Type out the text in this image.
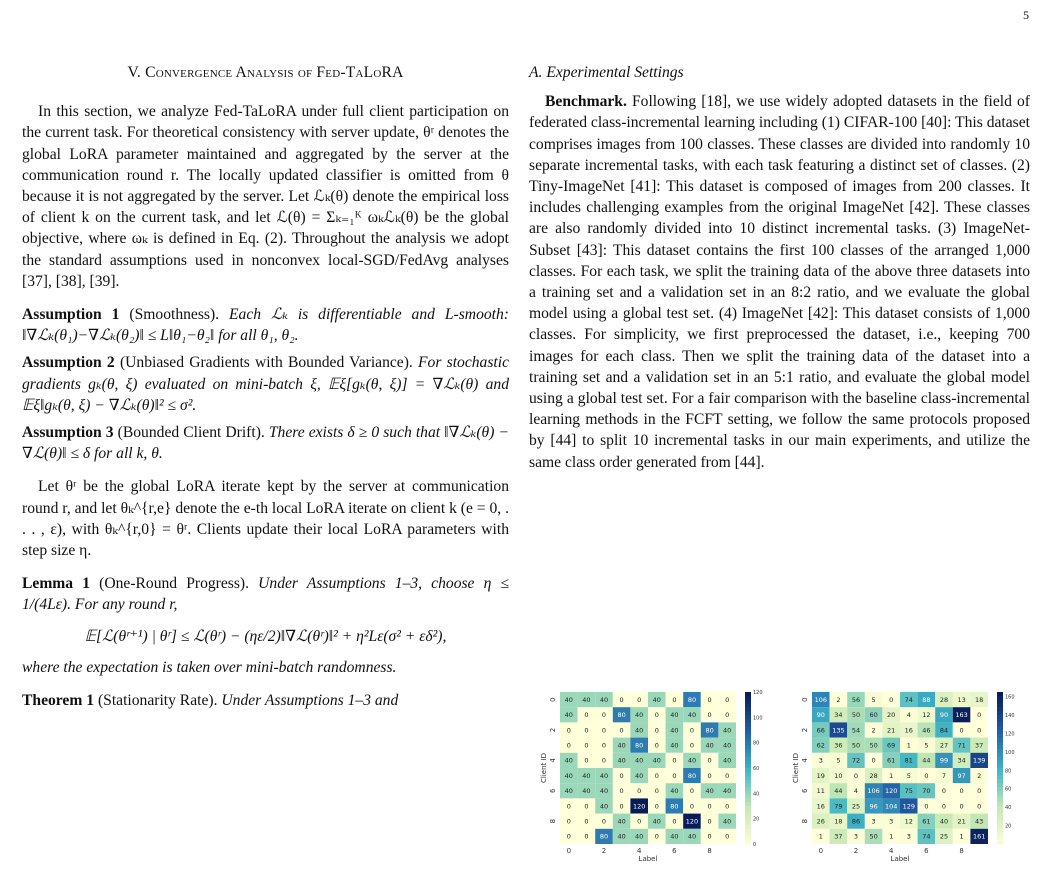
5
V. Convergence Analysis of Fed-TaLoRA

In this section, we analyze Fed-TaLoRA under full client participation on the current task. For theoretical consistency with server update, θʳ denotes the global LoRA parameter maintained and aggregated by the server at the communication round r. The locally updated classifier is omitted from θ because it is not aggregated by the server. Let ℒₖ(θ) denote the empirical loss of client k on the current task, and let ℒ(θ) = Σₖ₌₁ᴷ ωₖℒₖ(θ) be the global objective, where ωₖ is defined in Eq. (2). Throughout the analysis we adopt the standard assumptions used in nonconvex local-SGD/FedAvg analyses [37], [38], [39].

Assumption 1 (Smoothness). Each ℒₖ is differentiable and L-smooth: ‖∇ℒₖ(θ₁)−∇ℒₖ(θ₂)‖ ≤ L‖θ₁−θ₂‖ for all θ₁, θ₂.

Assumption 2 (Unbiased Gradients with Bounded Variance). For stochastic gradients gₖ(θ, ξ) evaluated on mini-batch ξ, 𝔼ξ[gₖ(θ, ξ)] = ∇ℒₖ(θ) and 𝔼ξ‖gₖ(θ, ξ) − ∇ℒₖ(θ)‖² ≤ σ².

Assumption 3 (Bounded Client Drift). There exists δ ≥ 0 such that ‖∇ℒₖ(θ) − ∇ℒ(θ)‖ ≤ δ for all k, θ.

Let θʳ be the global LoRA iterate kept by the server at communication round r, and let θₖ^{r,e} denote the e-th local LoRA iterate on client k (e = 0, . . . , ε), with θₖ^{r,0} = θʳ. Clients update their local LoRA parameters with step size η.

Lemma 1 (One-Round Progress). Under Assumptions 1–3, choose η ≤ 1/(4Lε). For any round r,

𝔼[ℒ(θʳ⁺¹) | θʳ] ≤ ℒ(θʳ) − (ηε/2)‖∇ℒ(θʳ)‖² + η²Lε(σ² + εδ²),

where the expectation is taken over mini-batch randomness.

Theorem 1 (Stationarity Rate). Under Assumptions 1–3 and

A. Experimental Settings

Benchmark. Following [18], we use widely adopted datasets in the field of federated class-incremental learning including (1) CIFAR-100 [40]: This dataset comprises images from 100 classes. These classes are divided into randomly 10 separate incremental tasks, with each task featuring a distinct set of classes. (2) Tiny-ImageNet [41]: This dataset is composed of images from 200 classes. It includes challenging examples from the original ImageNet [42]. These classes are also randomly divided into 10 distinct incremental tasks. (3) ImageNet-Subset [43]: This dataset contains the first 100 classes of the arranged 1,000 classes. For each task, we split the training data of the above three datasets into a training set and a validation set in an 8:2 ratio, and we evaluate the global model using a global test set. (4) ImageNet [42]: This dataset consists of 1,000 classes. For simplicity, we first preprocessed the dataset, i.e., keeping 700 images for each class. Then we split the training data of the dataset into a training set and a validation set in an 5:1 ratio, and evaluate the global model using a global test set. For a fair comparison with the baseline class-incremental learning methods in the FCFT setting, we follow the same protocols proposed by [44] to split 10 incremental tasks in our main experiments, and utilize the same class order generated from [44].

40 40 40 0 0 40 0 80 0 0
40 0 0 80 40 0 40 40 0 0
0 0 0 0 40 0 40 0 80 40
0 0 0 40 80 0 40 0 40 40
40 0 0 40 40 40 0 40 0 40
40 40 40 0 40 0 0 80 0 0
40 40 40 0 0 0 40 0 40 40
0 0 40 0 120 0 80 0 0 0
0 0 0 40 0 40 0 120 0 40
0 0 80 40 40 0 40 40 0 0
0	2	4	6	8
0
2
4
6
8
Label
Client ID
120
100
80
60
40
20
0
106 2 56 5 0 74 88 28 13 18
90 34 50 60 20 4 12 90 163 0
66 135 54 2 21 16 46 84 0 0
62 36 50 50 69 1 5 27 71 37
3 5 72 0 61 81 44 99 34 139
19 10 0 28 1 5 0 7 97 2
11 44 4 106 120 75 70 0 0 0
16 79 25 96 104 129 0 0 0 0
26 18 86 3 3 12 61 40 21 43
1 37 3 50 1 3 74 25 1 161
0	2	4	6	8
0
2
4
6
8
Label
Client ID
160
140
120
100
80
60
40
20
